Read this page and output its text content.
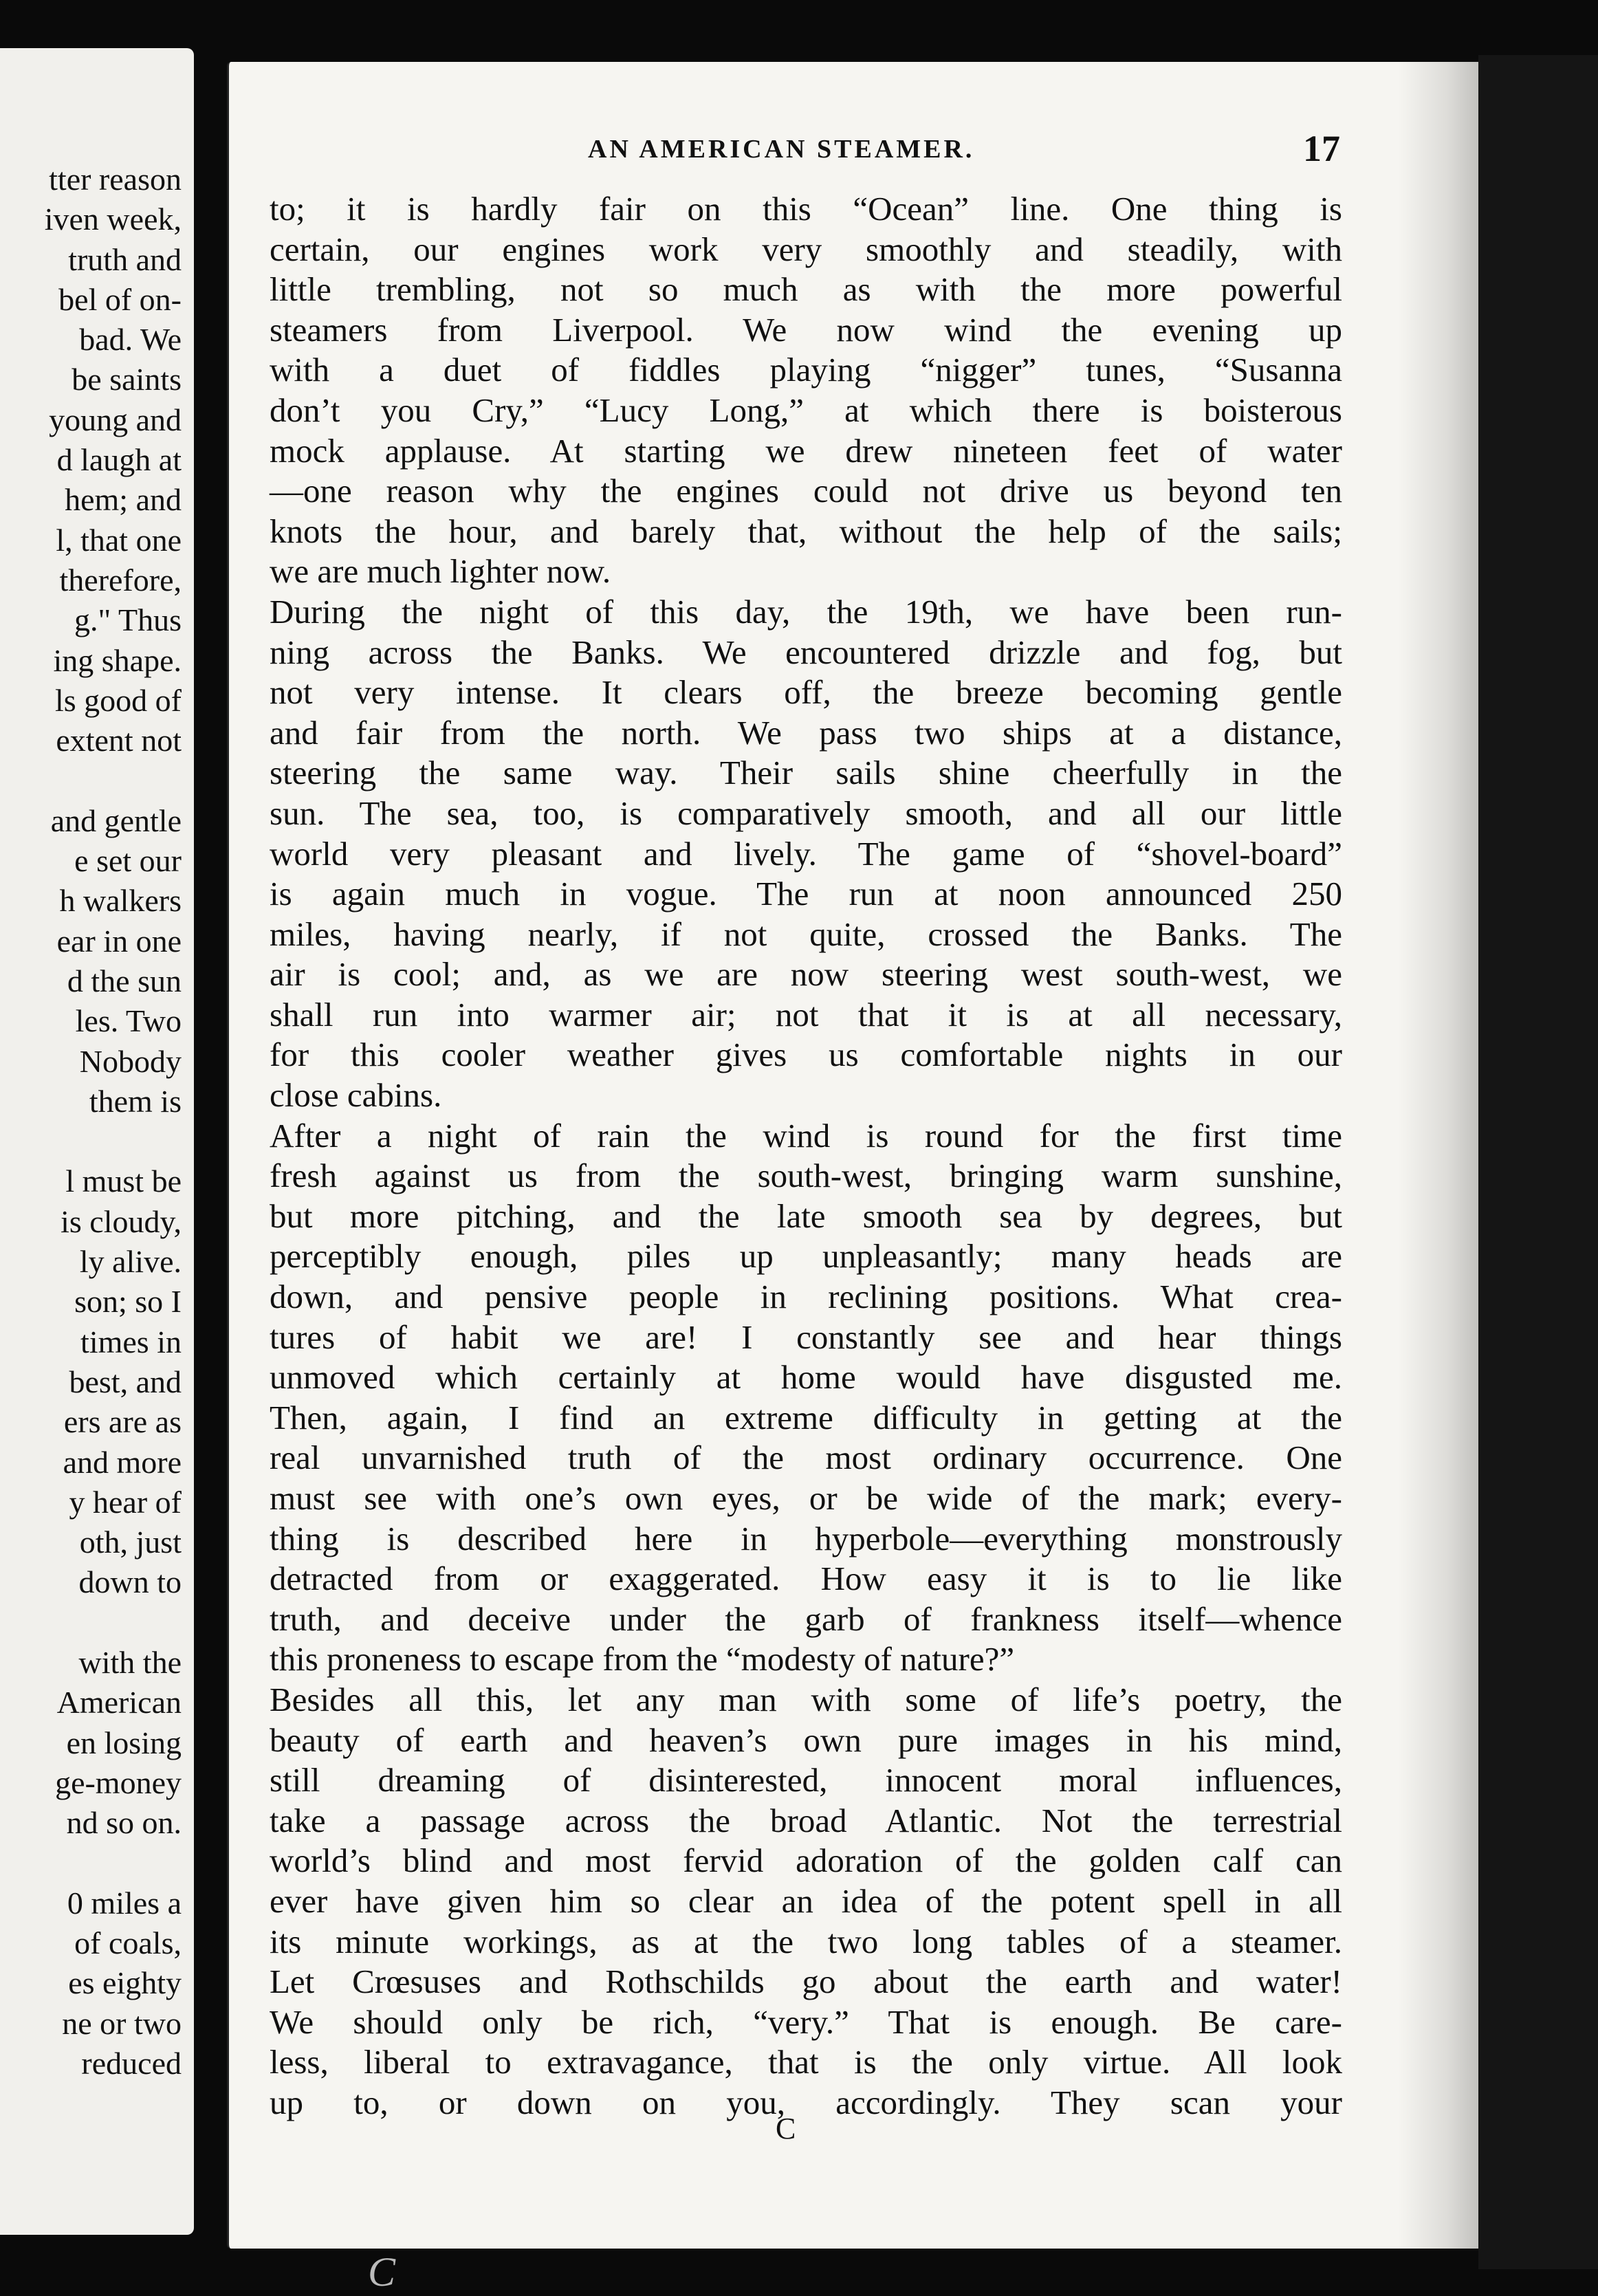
tter reason
iven week,
truth and
bel of on-
bad. We
be saints
young and
d laugh at
hem; and
l, that one
therefore,
g." Thus
ing shape.
ls good of
extent not
and gentle
e set our
h walkers
ear in one
d the sun
les. Two
Nobody
them is
l must be
is cloudy,
ly alive.
son; so I
times in
best, and
ers are as
and more
y hear of
oth, just
down to
with the
American
en losing
ge-money
nd so on.
0 miles a
of coals,
es eighty
ne or two
reduced
AN AMERICAN STEAMER.	17
to; it is hardly fair on this “Ocean” line. One thing is
certain, our engines work very smoothly and steadily, with
little trembling, not so much as with the more powerful
steamers from Liverpool. We now wind the evening up
with a duet of fiddles playing “nigger” tunes, “Susanna
don’t you Cry,” “Lucy Long,” at which there is boisterous
mock applause. At starting we drew nineteen feet of water
—one reason why the engines could not drive us beyond ten
knots the hour, and barely that, without the help of the sails;
we are much lighter now.
During the night of this day, the 19th, we have been run-
ning across the Banks. We encountered drizzle and fog, but
not very intense. It clears off, the breeze becoming gentle
and fair from the north. We pass two ships at a distance,
steering the same way. Their sails shine cheerfully in the
sun. The sea, too, is comparatively smooth, and all our little
world very pleasant and lively. The game of “shovel-board”
is again much in vogue. The run at noon announced 250
miles, having nearly, if not quite, crossed the Banks. The
air is cool; and, as we are now steering west south-west, we
shall run into warmer air; not that it is at all necessary,
for this cooler weather gives us comfortable nights in our
close cabins.
After a night of rain the wind is round for the first time
fresh against us from the south-west, bringing warm sunshine,
but more pitching, and the late smooth sea by degrees, but
perceptibly enough, piles up unpleasantly; many heads are
down, and pensive people in reclining positions. What crea-
tures of habit we are! I constantly see and hear things
unmoved which certainly at home would have disgusted me.
Then, again, I find an extreme difficulty in getting at the
real unvarnished truth of the most ordinary occurrence. One
must see with one’s own eyes, or be wide of the mark; every-
thing is described here in hyperbole—everything monstrously
detracted from or exaggerated. How easy it is to lie like
truth, and deceive under the garb of frankness itself—whence
this proneness to escape from the “modesty of nature?”
Besides all this, let any man with some of life’s poetry, the
beauty of earth and heaven’s own pure images in his mind,
still dreaming of disinterested, innocent moral influences,
take a passage across the broad Atlantic. Not the terrestrial
world’s blind and most fervid adoration of the golden calf can
ever have given him so clear an idea of the potent spell in all
its minute workings, as at the two long tables of a steamer.
Let Crœsuses and Rothschilds go about the earth and water!
We should only be rich, “very.” That is enough. Be care-
less, liberal to extravagance, that is the only virtue. All look
up to, or down on you, accordingly. They scan your
C
C
